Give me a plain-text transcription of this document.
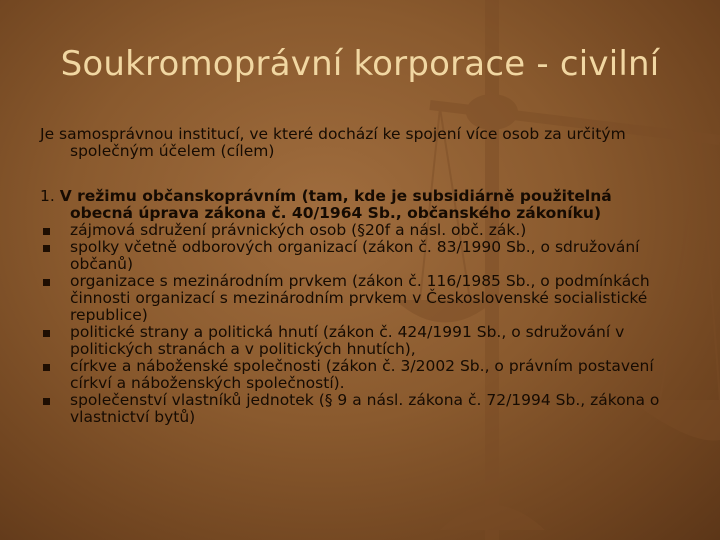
Soukromoprávní korporace - civilní

Je samosprávnou institucí, ve které dochází ke spojení více osob za určitým společným účelem (cílem)

1. V režimu občanskoprávním (tam, kde je subsidiárně použitelná obecná úprava zákona č. 40/1964 Sb., občanského zákoníku)

zájmová sdružení právnických osob (§20f a násl. obč. zák.)
spolky včetně odborových organizací (zákon č. 83/1990 Sb., o sdružování občanů)
organizace s mezinárodním prvkem (zákon č. 116/1985 Sb., o podmínkách činnosti organizací s mezinárodním prvkem v Československé socialistické republice)
politické strany a politická hnutí (zákon č. 424/1991 Sb., o sdružování v politických stranách a v politických hnutích),
církve a náboženské společnosti (zákon č. 3/2002 Sb., o právním postavení církví a náboženských společností).
společenství vlastníků jednotek (§ 9 a násl. zákona č. 72/1994 Sb., zákona o vlastnictví bytů)
